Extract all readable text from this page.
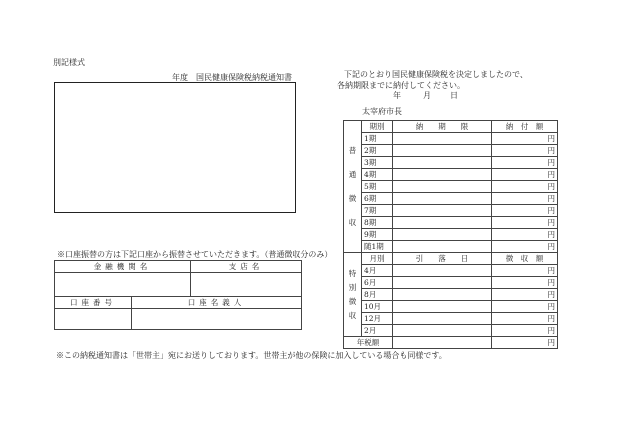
別記様式
年度　国民健康保険税納税通知書	下記のとおり国民健康保険税を決定しましたので、
各納期限までに納付してください。
年	月 日
太宰府市長
※口座振替の方は下記口座から振替させていただきます。（普通徴収分のみ）
金融機関名		支店名

口座番号	口座名義人	

普
通
徴
収	期別	納　　期　　限	納　付　額
	1期		円
	2期		円
	3期		円
	4期		円
	5期		円
	6期		円
	7期		円
	8期		円
	9期		円
	随1期		円
特
別
徴
収	月別	引　　落　　日	徴　収　額
	4月		円
	6月		円
	8月		円
	10月		円
	12月		円
	2月		円
年税額			円
※この納税通知書は「世帯主」宛にお送りしております。世帯主が他の保険に加入している場合も同様です。
